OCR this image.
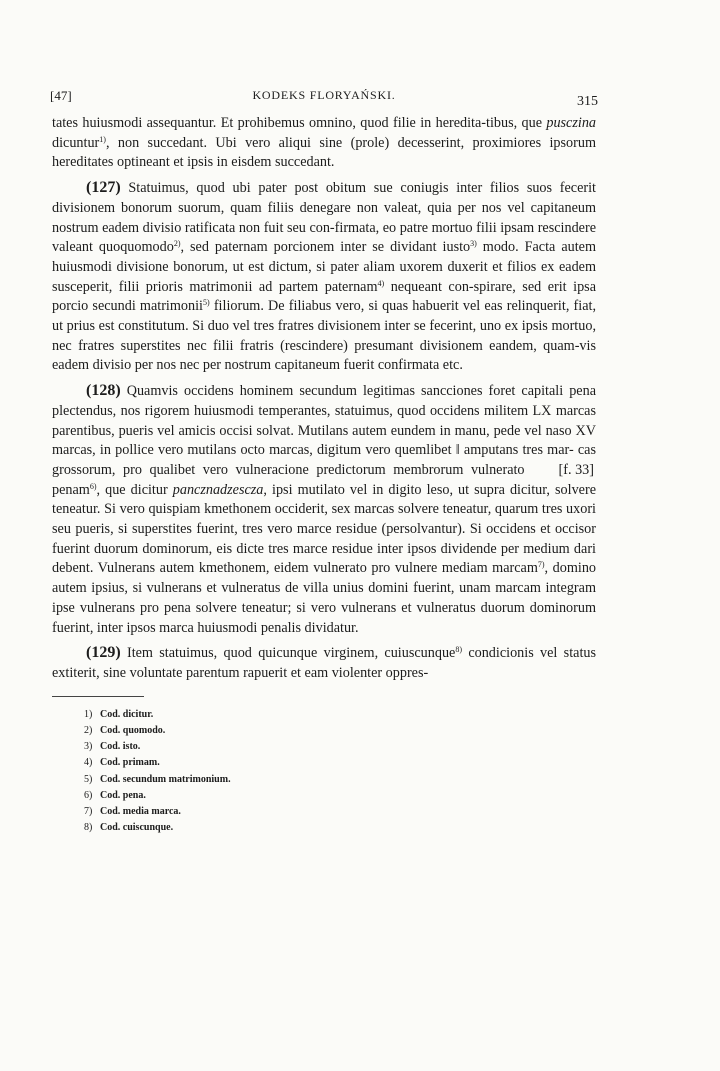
[47]	KODEKS FLORYAŃSKI.	315

tates huiusmodi assequantur. Et prohibemus omnino, quod filie in heredita-tibus, que pusczina dicuntur$^{1)}$, non succedant. Ubi vero aliqui sine (prole) decesserint, proximiores ipsorum hereditates optineant et ipsis in eisdem succedant.

(127) Statuimus, quod ubi pater post obitum sue coniugis inter filios suos fecerit divisionem bonorum suorum, quam filiis denegare non valeat, quia per nos vel capitaneum nostrum eadem divisio ratificata non fuit seu con-firmata, eo patre mortuo filii ipsam rescindere valeant quoquomodo$^{2)}$, sed paternam porcionem inter se dividant iusto$^{3)}$ modo. Facta autem huiusmodi divisione bonorum, ut est dictum, si pater aliam uxorem duxerit et filios ex eadem susceperit, filii prioris matrimonii ad partem paternam$^{4)}$ nequeant con-spirare, sed erit ipsa porcio secundi matrimonii$^{5)}$ filiorum. De filiabus vero, si quas habuerit vel eas relinquerit, fiat, ut prius est constitutum. Si duo vel tres fratres divisionem inter se fecerint, uno ex ipsis mortuo, nec fratres superstites nec filii fratris (rescindere) presumant divisionem eandem, quam-vis eadem divisio per nos nec per nostrum capitaneum fuerit confirmata etc.

(128) Quamvis occidens hominem secundum legitimas sancciones foret capitali pena plectendus, nos rigorem huiusmodi temperantes, statuimus, quod occidens militem LX marcas parentibus, pueris vel amicis occisi solvat. Mutilans autem eundem in manu, pede vel naso XV marcas, in pollice vero mutilans octo marcas, digitum vero quemlibet ‖ amputans tres mar-
[f. 33]
cas grossorum, pro qualibet vero vulneracione predictorum membrorum vulnerato penam$^{6)}$, que dicitur pancznadzescza, ipsi mutilato vel in digito leso, ut supra dicitur, solvere teneatur. Si vero quispiam kmethonem occiderit, sex marcas solvere teneatur, quarum tres uxori seu pueris, si superstites fuerint, tres vero marce residue (persolvantur). Si occidens et occisor fuerint duorum dominorum, eis dicte tres marce residue inter ipsos dividende per medium dari debent. Vulnerans autem kmethonem, eidem vulnerato pro vulnere mediam marcam$^{7)}$, domino autem ipsius, si vulnerans et vulneratus de villa unius domini fuerint, unam marcam integram ipse vulnerans pro pena solvere teneatur; si vero vulnerans et vulneratus duorum dominorum fuerint, inter ipsos marca huiusmodi penalis dividatur.

(129) Item statuimus, quod quicunque virginem, cuiuscunque$^{8)}$ condicionis vel status extiterit, sine voluntate parentum rapuerit et eam violenter oppres-

1) Cod. dicitur.
2) Cod. quomodo.
3) Cod. isto.
4) Cod. primam.
5) Cod. secundum matrimonium.
6) Cod. pena.
7) Cod. media marca.
8) Cod. cuiscunque.
